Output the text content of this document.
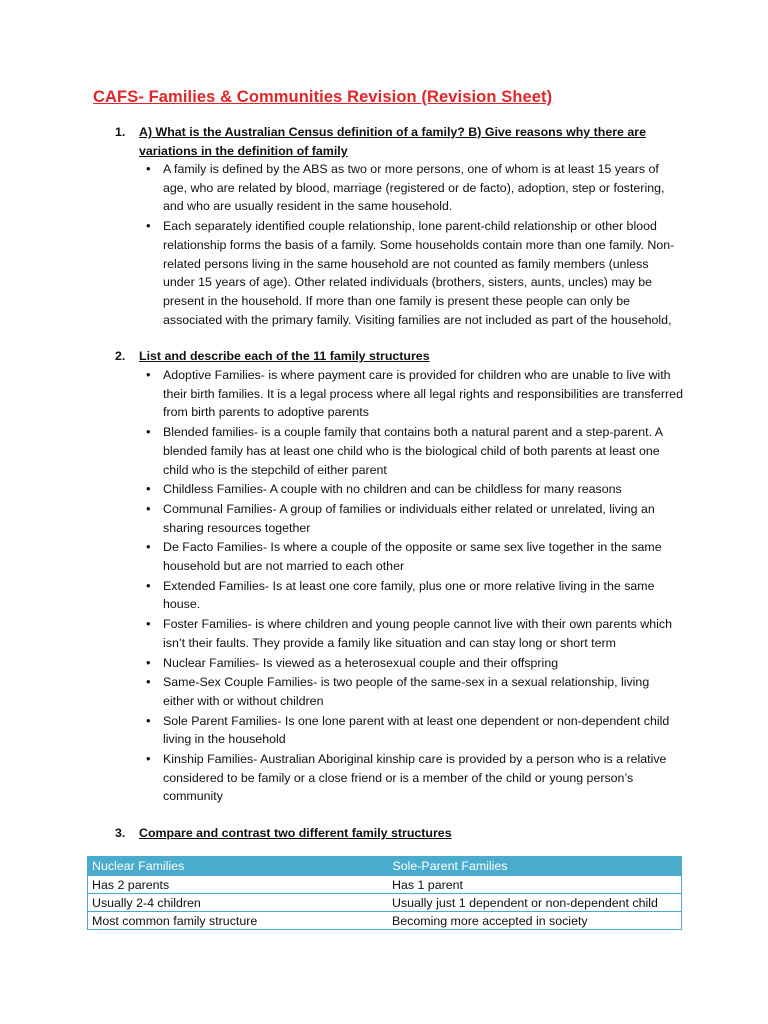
CAFS- Families & Communities Revision (Revision Sheet)
1. A) What is the Australian Census definition of a family? B) Give reasons why there are variations in the definition of family
• A family is defined by the ABS as two or more persons, one of whom is at least 15 years of age, who are related by blood, marriage (registered or de facto), adoption, step or fostering, and who are usually resident in the same household.
• Each separately identified couple relationship, lone parent-child relationship or other blood relationship forms the basis of a family. Some households contain more than one family. Non-related persons living in the same household are not counted as family members (unless under 15 years of age). Other related individuals (brothers, sisters, aunts, uncles) may be present in the household. If more than one family is present these people can only be associated with the primary family. Visiting families are not included as part of the household,
2. List and describe each of the 11 family structures
• Adoptive Families- is where payment care is provided for children who are unable to live with their birth families. It is a legal process where all legal rights and responsibilities are transferred from birth parents to adoptive parents
• Blended families- is a couple family that contains both a natural parent and a step-parent. A blended family has at least one child who is the biological child of both parents at least one child who is the stepchild of either parent
• Childless Families- A couple with no children and can be childless for many reasons
• Communal Families- A group of families or individuals either related or unrelated, living an sharing resources together
• De Facto Families- Is where a couple of the opposite or same sex live together in the same household but are not married to each other
• Extended Families- Is at least one core family, plus one or more relative living in the same house.
• Foster Families- is where children and young people cannot live with their own parents which isn’t their faults. They provide a family like situation and can stay long or short term
• Nuclear Families- Is viewed as a heterosexual couple and their offspring
• Same-Sex Couple Families- is two people of the same-sex in a sexual relationship, living either with or without children
• Sole Parent Families- Is one lone parent with at least one dependent or non-dependent child living in the household
• Kinship Families- Australian Aboriginal kinship care is provided by a person who is a relative considered to be family or a close friend or is a member of the child or young person’s community
3. Compare and contrast two different family structures
Nuclear Families	Sole-Parent Families
Has 2 parents	Has 1 parent
Usually 2-4 children	Usually just 1 dependent or non-dependent child
Most common family structure	Becoming more accepted in society
